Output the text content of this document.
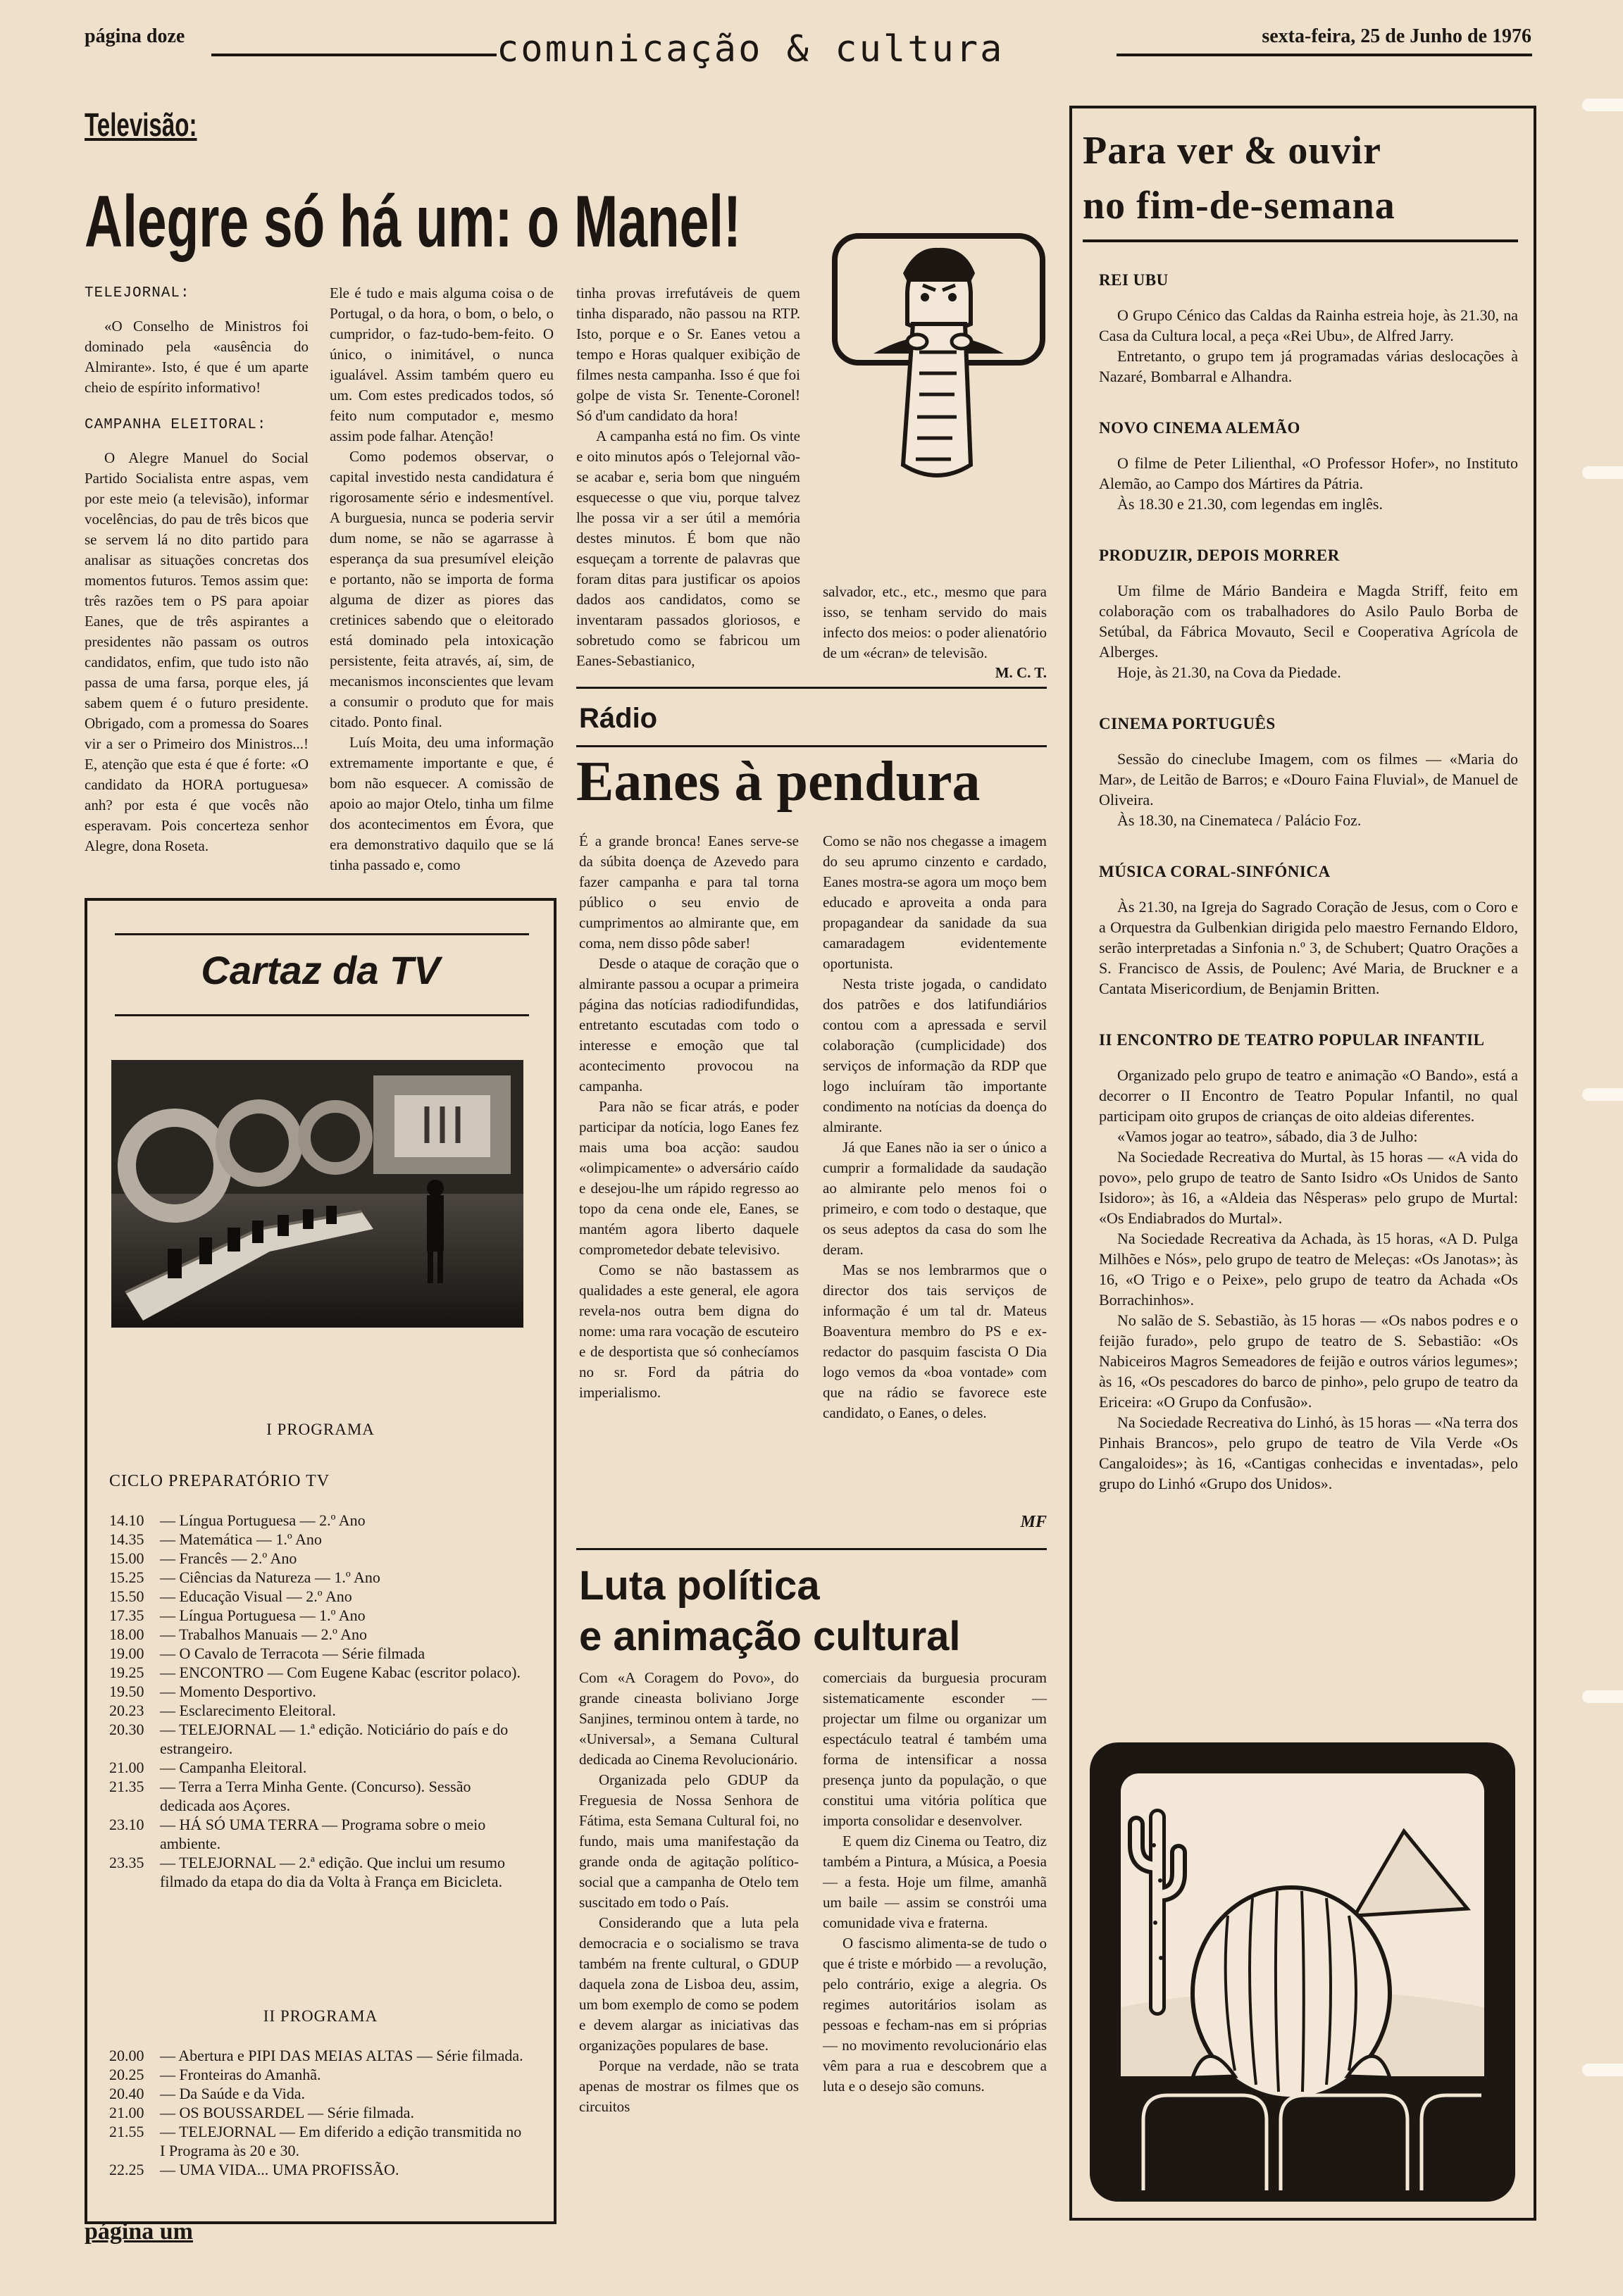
página doze	comunicação & cultura	sexta-feira, 25 de Junho de 1976
Televisão:
Alegre só há um: o Manel!

TELEJORNAL:

«O Conselho de Ministros foi dominado pela «ausência do Almirante». Isto, é que é um aparte cheio de espírito informativo!

CAMPANHA ELEITORAL:

O Alegre Manuel do Social Partido Socialista entre aspas, vem por este meio (a televisão), informar vocelências, do pau de três bicos que se servem lá no dito partido para analisar as situações concretas dos momentos futuros. Temos assim que: três razões tem o PS para apoiar Eanes, que de três aspirantes a presidentes não passam os outros candidatos, enfim, que tudo isto não passa de uma farsa, porque eles, já sabem quem é o futuro presidente. Obrigado, com a promessa do Soares vir a ser o Primeiro dos Ministros...! E, atenção que esta é que é forte: «O candidato da HORA portuguesa» anh? por esta é que vocês não esperavam. Pois concerteza senhor Alegre, dona Roseta.

Ele é tudo e mais alguma coisa o de Portugal, o da hora, o bom, o belo, o cumpridor, o faz-tudo-bem-feito. O único, o inimitável, o nunca igualável. Assim também quero eu um. Com estes predicados todos, só feito num computador e, mesmo assim pode falhar. Atenção!

Como podemos observar, o capital investido nesta candidatura é rigorosamente sério e indesmentível. A burguesia, nunca se poderia servir dum nome, se não se agarrasse à esperança da sua presumível eleição e portanto, não se importa de forma alguma de dizer as piores das cretinices sabendo que o eleitorado está dominado pela intoxicação persistente, feita através, aí, sim, de mecanismos inconscientes que levam a consumir o produto que for mais citado. Ponto final.

Luís Moita, deu uma informação extremamente importante e que, é bom não esquecer. A comissão de apoio ao major Otelo, tinha um filme dos acontecimentos em Évora, que era demonstrativo daquilo que se lá tinha passado e, como

tinha provas irrefutáveis de quem tinha disparado, não passou na RTP. Isto, porque e o Sr. Eanes vetou a tempo e Horas qualquer exibição de filmes nesta campanha. Isso é que foi golpe de vista Sr. Tenente-Coronel! Só d'um candidato da hora!

A campanha está no fim. Os vinte e oito minutos após o Telejornal vão-se acabar e, seria bom que ninguém esquecesse o que viu, porque talvez lhe possa vir a ser útil a memória destes minutos. É bom que não esqueçam a torrente de palavras que foram ditas para justificar os apoios dados aos candidatos, como se inventaram passados gloriosos, e sobretudo como se fabricou um Eanes-Sebastianico,

salvador, etc., etc., mesmo que para isso, se tenham servido do mais infecto dos meios: o poder alienatório de um «écran» de televisão.
M. C. T.
Cartaz da TV
I PROGRAMA
CICLO PREPARATÓRIO TV
14.10	— Língua Portuguesa — 2.º Ano
14.35	— Matemática — 1.º Ano
15.00	— Francês — 2.º Ano
15.25	— Ciências da Natureza — 1.º Ano
15.50	— Educação Visual — 2.º Ano
17.35	— Língua Portuguesa — 1.º Ano
18.00	— Trabalhos Manuais — 2.º Ano
19.00	— O Cavalo de Terracota — Série filmada
19.25	— ENCONTRO — Com Eugene Kabac (escritor polaco).
19.50	— Momento Desportivo.
20.23	— Esclarecimento Eleitoral.
20.30	— TELEJORNAL — 1.ª edição. Noticiário do país e do estrangeiro.
21.00	— Campanha Eleitoral.
21.35	— Terra a Terra Minha Gente. (Concurso). Sessão dedicada aos Açores.
23.10	— HÁ SÓ UMA TERRA — Programa sobre o meio ambiente.
23.35	— TELEJORNAL — 2.ª edição. Que inclui um resumo filmado da etapa do dia da Volta à França em Bicicleta.
II PROGRAMA
20.00	— Abertura e PIPI DAS MEIAS ALTAS — Série filmada.
20.25	— Fronteiras do Amanhã.
20.40	— Da Saúde e da Vida.
21.00	— OS BOUSSARDEL — Série filmada.
21.55	— TELEJORNAL — Em diferido a edição transmitida no I Programa às 20 e 30.
22.25	— UMA VIDA... UMA PROFISSÃO.
Rádio
Eanes à pendura

É a grande bronca! Eanes serve-se da súbita doença de Azevedo para fazer campanha e para tal torna público o seu envio de cumprimentos ao almirante que, em coma, nem disso pôde saber!

Desde o ataque de coração que o almirante passou a ocupar a primeira página das notícias radiodifundidas, entretanto escutadas com todo o interesse e emoção que tal acontecimento provocou na campanha.

Para não se ficar atrás, e poder participar da notícia, logo Eanes fez mais uma boa acção: saudou «olimpicamente» o adversário caído e desejou-lhe um rápido regresso ao topo da cena onde ele, Eanes, se mantém agora liberto daquele comprometedor debate televisivo.

Como se não bastassem as qualidades a este general, ele agora revela-nos outra bem digna do nome: uma rara vocação de escuteiro e de desportista que só conhecíamos no sr. Ford da pátria do imperialismo.

Como se não nos chegasse a imagem do seu aprumo cinzento e cardado, Eanes mostra-se agora um moço bem educado e aproveita a onda para propagandear da sanidade da sua camaradagem evidentemente oportunista.

Nesta triste jogada, o candidato dos patrões e dos latifundiários contou com a apressada e servil colaboração (cumplicidade) dos serviços de informação da RDP que logo incluíram tão importante condimento na notícias da doença do almirante.

Já que Eanes não ia ser o único a cumprir a formalidade da saudação ao almirante pelo menos foi o primeiro, e com todo o destaque, que os seus adeptos da casa do som lhe deram.

Mas se nos lembrarmos que o director dos tais serviços de informação é um tal dr. Mateus Boaventura membro do PS e ex-redactor do pasquim fascista O Dia logo vemos da «boa vontade» com que na rádio se favorece este candidato, o Eanes, o deles.

MF
Luta política
e animação cultural

Com «A Coragem do Povo», do grande cineasta boliviano Jorge Sanjines, terminou ontem à tarde, no «Universal», a Semana Cultural dedicada ao Cinema Revolucionário.

Organizada pelo GDUP da Freguesia de Nossa Senhora de Fátima, esta Semana Cultural foi, no fundo, mais uma manifestação da grande onda de agitação político-social que a campanha de Otelo tem suscitado em todo o País.

Considerando que a luta pela democracia e o socialismo se trava também na frente cultural, o GDUP daquela zona de Lisboa deu, assim, um bom exemplo de como se podem e devem alargar as iniciativas das organizações populares de base.

Porque na verdade, não se trata apenas de mostrar os filmes que os circuitos

comerciais da burguesia procuram sistematicamente esconder — projectar um filme ou organizar um espectáculo teatral é também uma forma de intensificar a nossa presença junto da população, o que constitui uma vitória política que importa consolidar e desenvolver.

E quem diz Cinema ou Teatro, diz também a Pintura, a Música, a Poesia — a festa. Hoje um filme, amanhã um baile — assim se constrói uma comunidade viva e fraterna.

O fascismo alimenta-se de tudo o que é triste e mórbido — a revolução, pelo contrário, exige a alegria. Os regimes autoritários isolam as pessoas e fecham-nas em si próprias — no movimento revolucionário elas vêm para a rua e descobrem que a luta e o desejo são comuns.

Para ver & ouvir
no fim-de-semana
REI UBU

O Grupo Cénico das Caldas da Rainha estreia hoje, às 21.30, na Casa da Cultura local, a peça «Rei Ubu», de Alfred Jarry.

Entretanto, o grupo tem já programadas várias deslocações à Nazaré, Bombarral e Alhandra.

NOVO CINEMA ALEMÃO

O filme de Peter Lilienthal, «O Professor Hofer», no Instituto Alemão, ao Campo dos Mártires da Pátria.

Às 18.30 e 21.30, com legendas em inglês.

PRODUZIR, DEPOIS MORRER

Um filme de Mário Bandeira e Magda Striff, feito em colaboração com os trabalhadores do Asilo Paulo Borba de Setúbal, da Fábrica Movauto, Secil e Cooperativa Agrícola de Alberges.

Hoje, às 21.30, na Cova da Piedade.

CINEMA PORTUGUÊS

Sessão do cineclube Imagem, com os filmes — «Maria do Mar», de Leitão de Barros; e «Douro Faina Fluvial», de Manuel de Oliveira.

Às 18.30, na Cinemateca / Palácio Foz.

MÚSICA CORAL-SINFÓNICA

Às 21.30, na Igreja do Sagrado Coração de Jesus, com o Coro e a Orquestra da Gulbenkian dirigida pelo maestro Fernando Eldoro, serão interpretadas a Sinfonia n.º 3, de Schubert; Quatro Orações a S. Francisco de Assis, de Poulenc; Avé Maria, de Bruckner e a Cantata Misericordium, de Benjamin Britten.

II ENCONTRO DE TEATRO POPULAR INFANTIL

Organizado pelo grupo de teatro e animação «O Bando», está a decorrer o II Encontro de Teatro Popular Infantil, no qual participam oito grupos de crianças de oito aldeias diferentes.

«Vamos jogar ao teatro», sábado, dia 3 de Julho:

Na Sociedade Recreativa do Murtal, às 15 horas — «A vida do povo», pelo grupo de teatro de Santo Isidro «Os Unidos de Santo Isidoro»; às 16, a «Aldeia das Nêsperas» pelo grupo de Murtal: «Os Endiabrados do Murtal».

Na Sociedade Recreativa da Achada, às 15 horas, «A D. Pulga Milhões e Nós», pelo grupo de teatro de Meleças: «Os Janotas»; às 16, «O Trigo e o Peixe», pelo grupo de teatro da Achada «Os Borrachinhos».

No salão de S. Sebastião, às 15 horas — «Os nabos podres e o feijão furado», pelo grupo de teatro de S. Sebastião: «Os Nabiceiros Magros Semeadores de feijão e outros vários legumes»; às 16, «Os pescadores do barco de pinho», pelo grupo de teatro da Ericeira: «O Grupo da Confusão».

Na Sociedade Recreativa do Linhó, às 15 horas — «Na terra dos Pinhais Brancos», pelo grupo de teatro de Vila Verde «Os Cangaloides»; às 16, «Cantigas conhecidas e inventadas», pelo grupo do Linhó «Grupo dos Unidos».

página um
